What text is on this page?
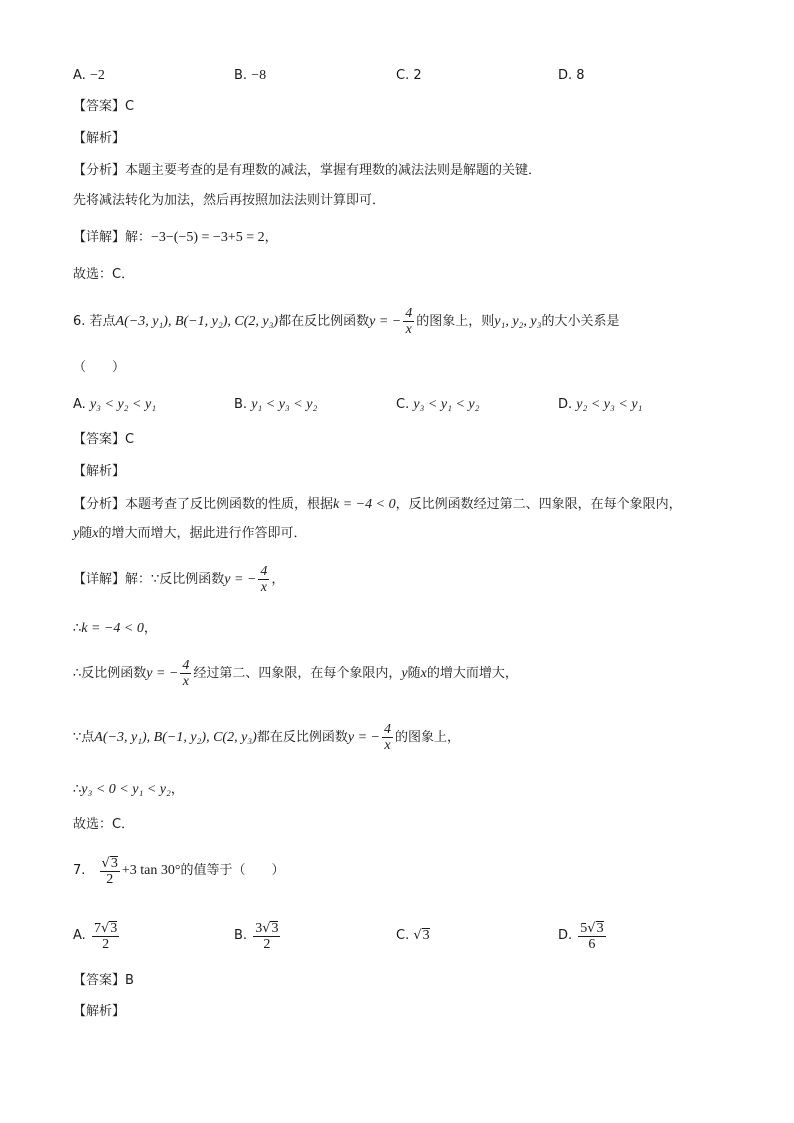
A. −2	B. −8	C. 2	D. 8
【答案】C
【解析】
【分析】本题主要考查的是有理数的减法，掌握有理数的减法法则是解题的关键．
先将减法转化为加法，然后再按照加法法则计算即可．
【详解】解：−3−(−5) = −3+5 = 2，
故选：C．
6. 若点A(−3, y₁), B(−1, y₂), C(2, y₃)都在反比例函数y = − $\frac{4}{x}$ 的图象上，则y₁, y₂, y₃的大小关系是
（　　）
A. y₃ < y₂ < y₁	B. y₁ < y₃ < y₂	C. y₃ < y₁ < y₂	D. y₂ < y₃ < y₁
【答案】C
【解析】
【分析】本题考查了反比例函数的性质，根据k = −4 < 0，反比例函数经过第二、四象限，在每个象限内，
y随x的增大而增大，据此进行作答即可．
【详解】解：∵反比例函数y = − $\frac{4}{x}$ ，
∴k = −4 < 0，
∴反比例函数y = − $\frac{4}{x}$ 经过第二、四象限，在每个象限内，y随x的增大而增大，
∵点A(−3, y₁), B(−1, y₂), C(2, y₃)都在反比例函数y = − $\frac{4}{x}$ 的图象上，
∴y₃ < 0 < y₁ < y₂，
故选：C．
7. $\frac{√3}{2} +3$ tan 30°的值等于（　　）
A. $\frac{7√3}{2}$	B. $\frac{3√3}{2}$	C. √3	D. $\frac{5√3}{6}$
【答案】B
【解析】
